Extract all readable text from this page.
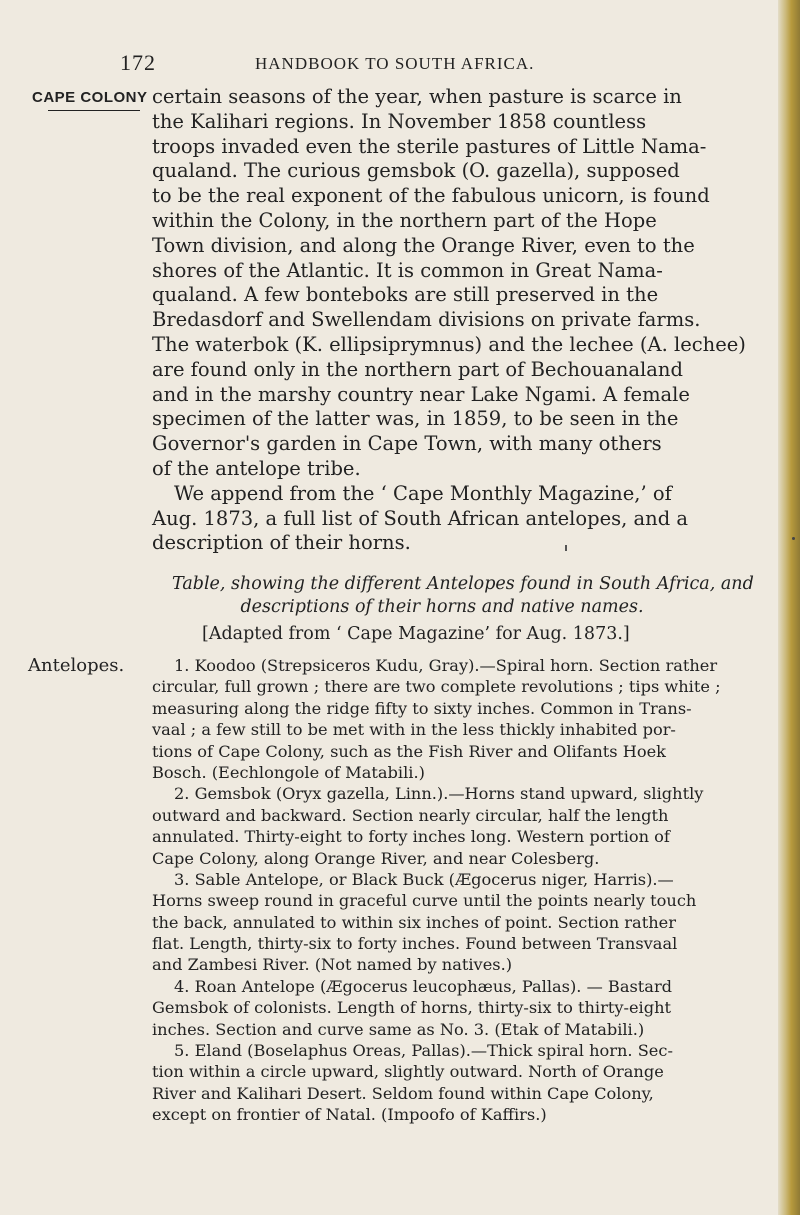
172	HANDBOOK TO SOUTH AFRICA.
CAPE COLONY certain seasons of the year, when pasture is scarce in
the Kalihari regions. In November 1858 countless
troops invaded even the sterile pastures of Little Nama-
qualand. The curious gemsbok (O. gazella), supposed
to be the real exponent of the fabulous unicorn, is found
within the Colony, in the northern part of the Hope
Town division, and along the Orange River, even to the
shores of the Atlantic. It is common in Great Nama-
qualand. A few bonteboks are still preserved in the
Bredasdorf and Swellendam divisions on private farms.
The waterbok (K. ellipsiprymnus) and the lechee (A. lechee)
are found only in the northern part of Bechouanaland
and in the marshy country near Lake Ngami. A female
specimen of the latter was, in 1859, to be seen in the
Governor's garden in Cape Town, with many others
of the antelope tribe.
We append from the ‘ Cape Monthly Magazine,’ of
Aug. 1873, a full list of South African antelopes, and a
description of their horns.
Table, showing the different Antelopes found in South Africa, and
descriptions of their horns and native names.
[Adapted from ‘ Cape Magazine’ for Aug. 1873.]
Antelopes.	1. Koodoo (Strepsiceros Kudu, Gray).—Spiral horn. Section rather
circular, full grown ; there are two complete revolutions ; tips white ;
measuring along the ridge fifty to sixty inches. Common in Trans-
vaal ; a few still to be met with in the less thickly inhabited por-
tions of Cape Colony, such as the Fish River and Olifants Hoek
Bosch. (Eechlongole of Matabili.)
2. Gemsbok (Oryx gazella, Linn.).—Horns stand upward, slightly
outward and backward. Section nearly circular, half the length
annulated. Thirty-eight to forty inches long. Western portion of
Cape Colony, along Orange River, and near Colesberg.
3. Sable Antelope, or Black Buck (Ægocerus niger, Harris).—
Horns sweep round in graceful curve until the points nearly touch
the back, annulated to within six inches of point. Section rather
flat. Length, thirty-six to forty inches. Found between Transvaal
and Zambesi River. (Not named by natives.)
4. Roan Antelope (Ægocerus leucophæus, Pallas). — Bastard
Gemsbok of colonists. Length of horns, thirty-six to thirty-eight
inches. Section and curve same as No. 3. (Etak of Matabili.)
5. Eland (Boselaphus Oreas, Pallas).—Thick spiral horn. Sec-
tion within a circle upward, slightly outward. North of Orange
River and Kalihari Desert. Seldom found within Cape Colony,
except on frontier of Natal. (Impoofo of Kaffirs.)
